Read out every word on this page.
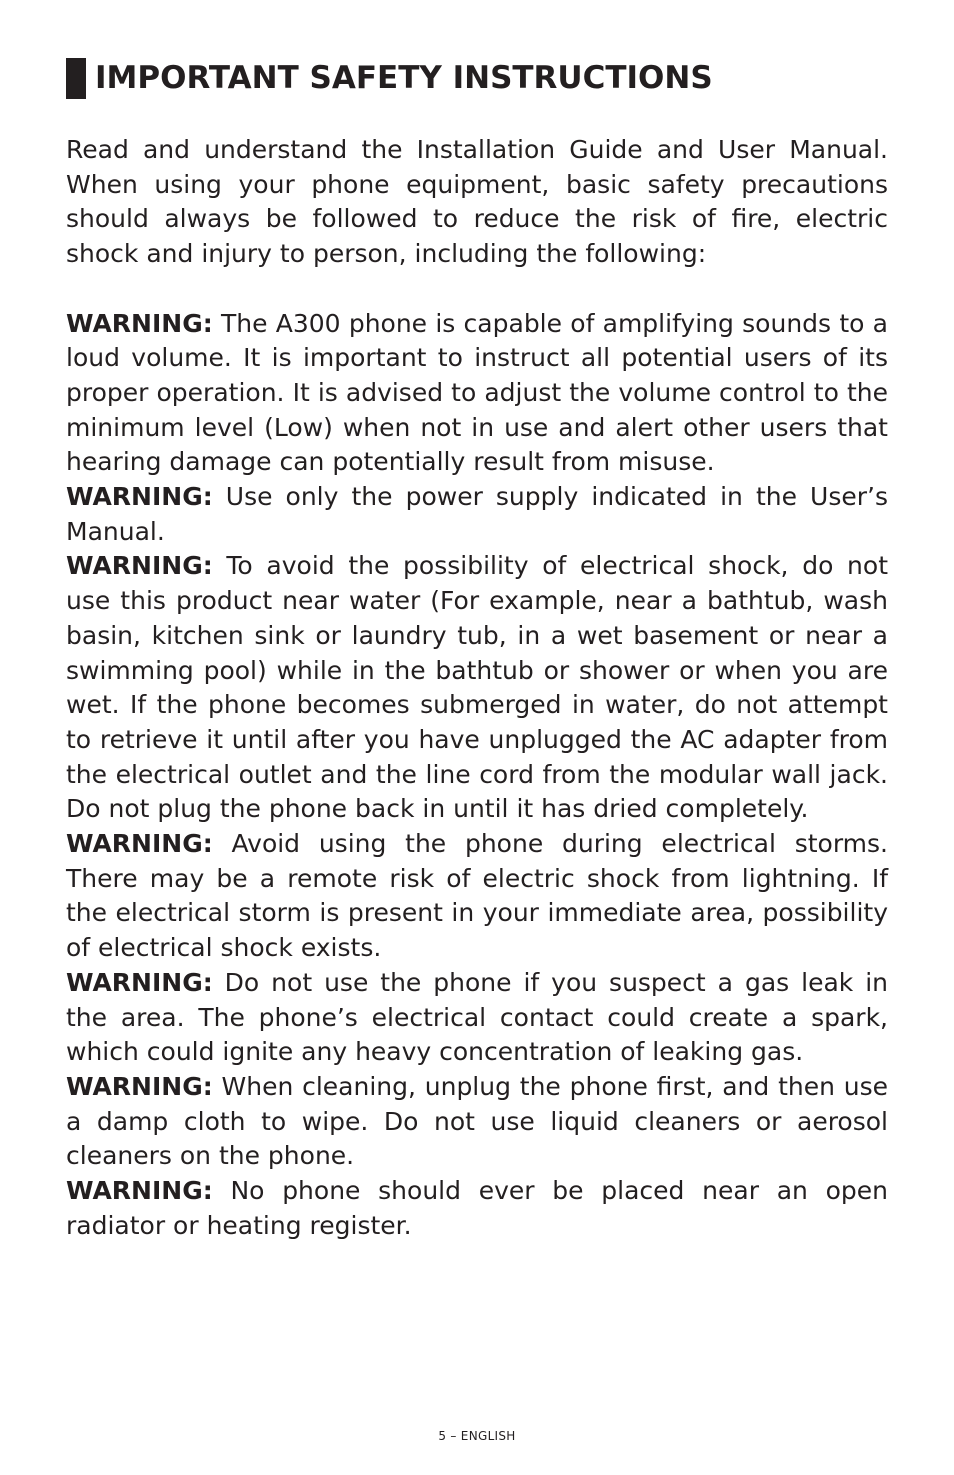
IMPORTANT SAFETY INSTRUCTIONS

Read and understand the Installation Guide and User Manual. When using your phone equipment, basic safety precautions should always be followed to reduce the risk of fire, electric shock and injury to person, including the following:

WARNING: The A300 phone is capable of amplifying sounds to a loud volume. It is important to instruct all potential users of its proper operation. It is advised to adjust the volume control to the minimum level (Low) when not in use and alert other users that hearing damage can potentially result from misuse.

WARNING: Use only the power supply indicated in the User’s Manual.

WARNING: To avoid the possibility of electrical shock, do not use this product near water (For example, near a bathtub, wash basin, kitchen sink or laundry tub, in a wet basement or near a swimming pool) while in the bathtub or shower or when you are wet. If the phone becomes submerged in water, do not attempt to retrieve it until after you have unplugged the AC adapter from the electrical outlet and the line cord from the modular wall jack. Do not plug the phone back in until it has dried completely.

WARNING: Avoid using the phone during electrical storms. There may be a remote risk of electric shock from lightning. If the electrical storm is present in your immediate area, possibility of electrical shock exists.

WARNING: Do not use the phone if you suspect a gas leak in the area. The phone’s electrical contact could create a spark, which could ignite any heavy concentration of leaking gas.

WARNING: When cleaning, unplug the phone first, and then use a damp cloth to wipe. Do not use liquid cleaners or aerosol cleaners on the phone.

WARNING: No phone should ever be placed near an open radiator or heating register.

5 – ENGLISH
